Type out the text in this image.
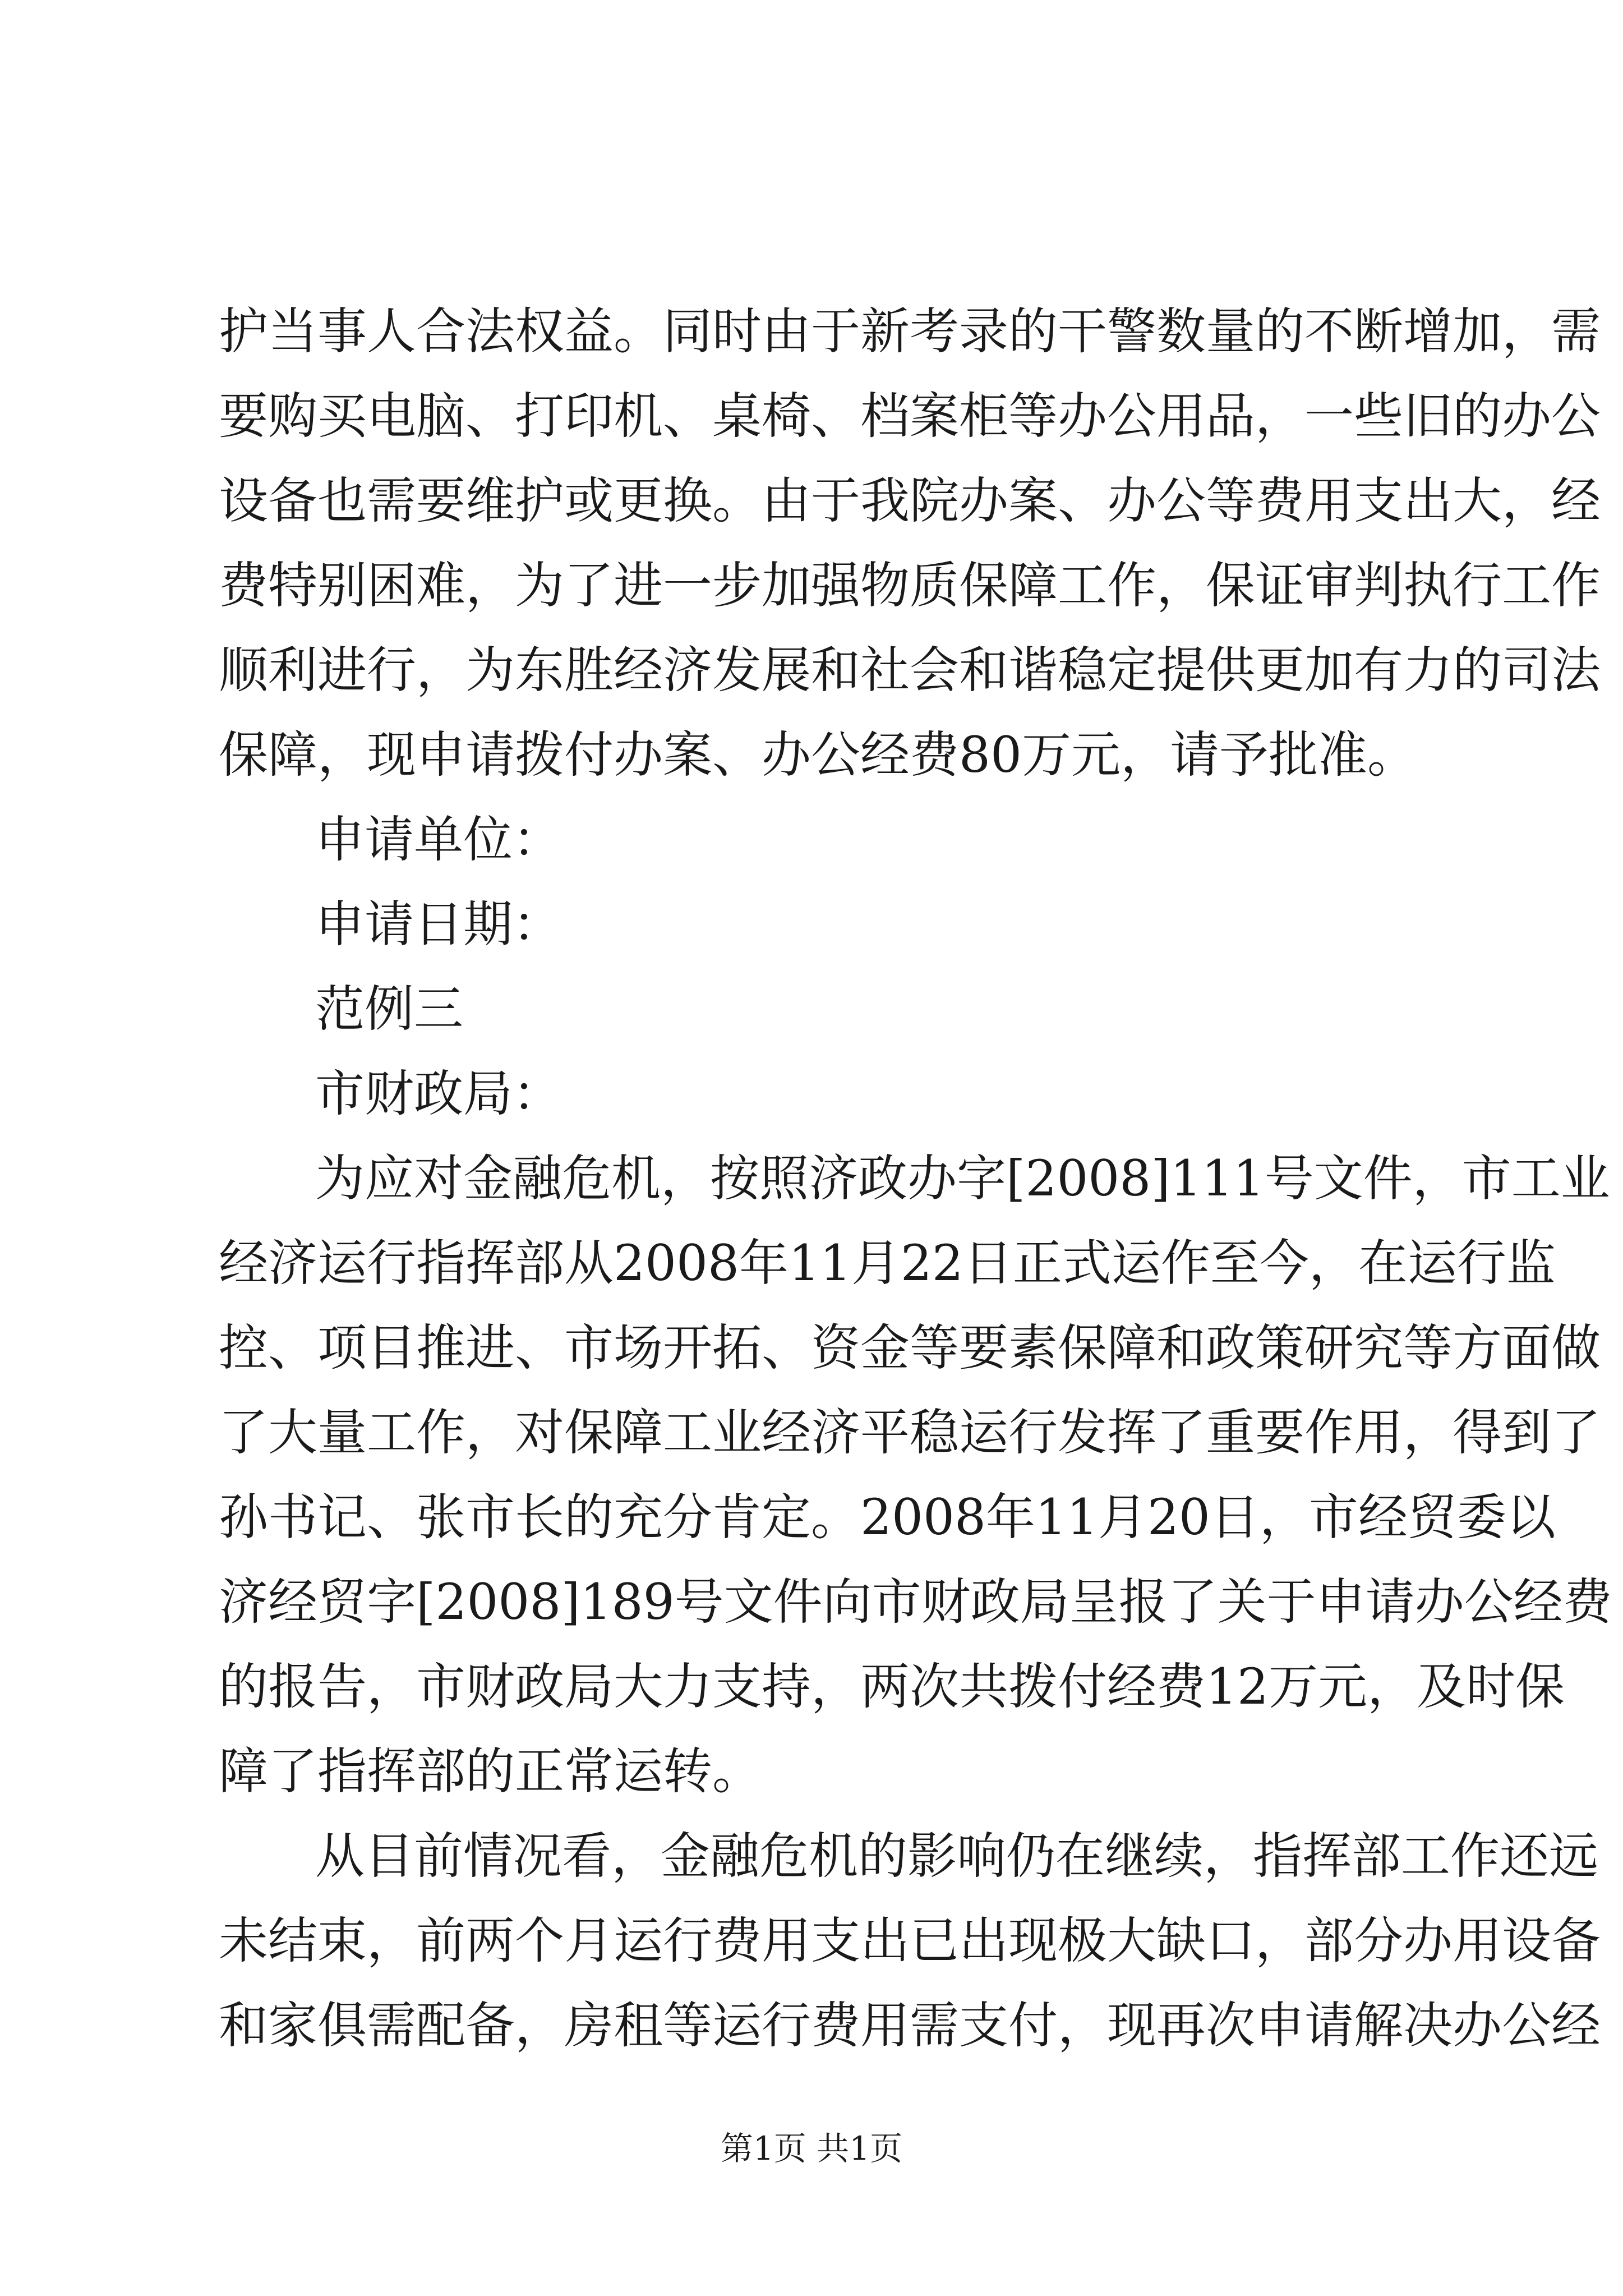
护当事人合法权益。同时由于新考录的干警数量的不断增加，需
要购买电脑、打印机、桌椅、档案柜等办公用品，一些旧的办公
设备也需要维护或更换。由于我院办案、办公等费用支出大，经
费特别困难，为了进一步加强物质保障工作，保证审判执行工作
顺利进行，为东胜经济发展和社会和谐稳定提供更加有力的司法
保障，现申请拨付办案、办公经费80万元，请予批准。
申请单位：
申请日期：
范例三
市财政局：
为应对金融危机，按照济政办字[2008]111号文件，市工业
经济运行指挥部从2008年11月22日正式运作至今，在运行监
控、项目推进、市场开拓、资金等要素保障和政策研究等方面做
了大量工作，对保障工业经济平稳运行发挥了重要作用，得到了
孙书记、张市长的充分肯定。2008年11月20日，市经贸委以
济经贸字[2008]189号文件向市财政局呈报了关于申请办公经费
的报告，市财政局大力支持，两次共拨付经费12万元，及时保
障了指挥部的正常运转。
从目前情况看，金融危机的影响仍在继续，指挥部工作还远
未结束，前两个月运行费用支出已出现极大缺口，部分办用设备
和家俱需配备，房租等运行费用需支付，现再次申请解决办公经
第1页 共1页
